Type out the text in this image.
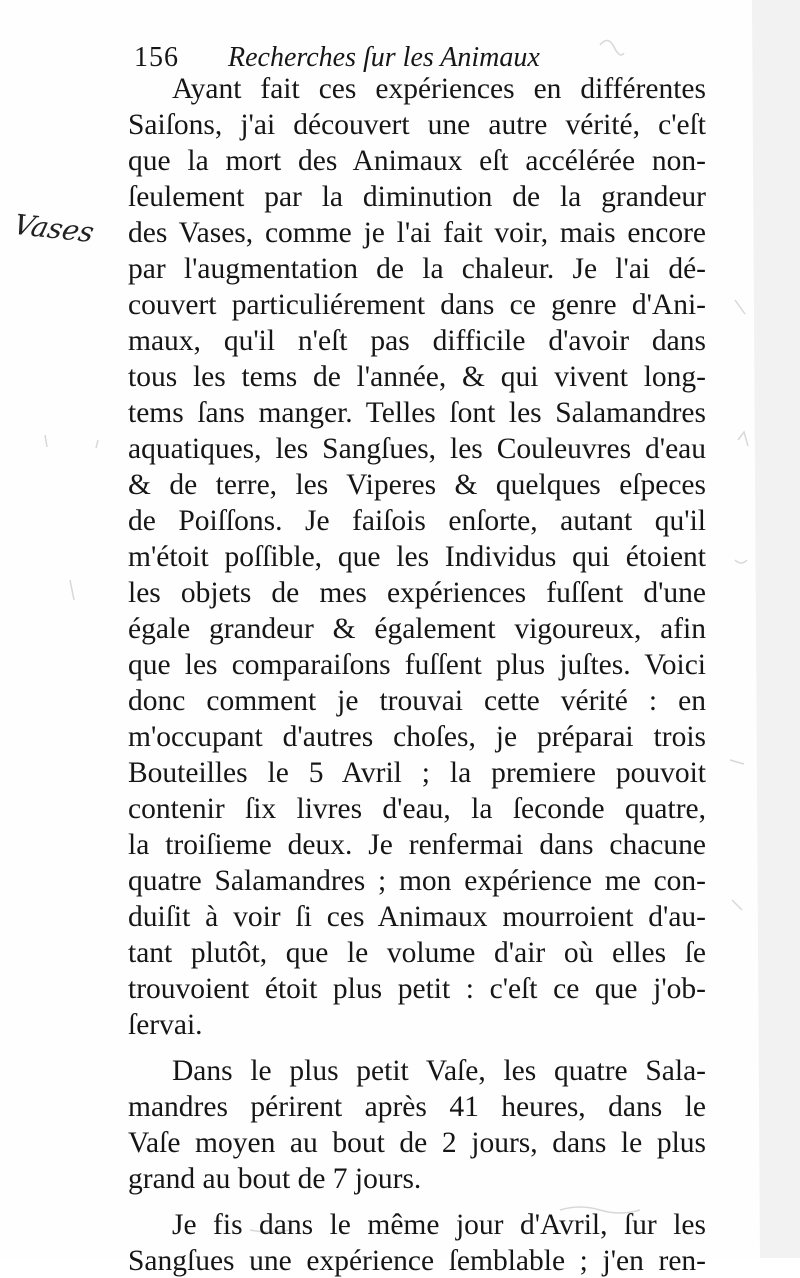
156 Recherches ſur les Animaux
Vases
Ayant fait ces expériences en différentes
Saiſons, j'ai découvert une autre vérité, c'eſt
que la mort des Animaux eſt accélérée non-
ſeulement par la diminution de la grandeur
des Vases, comme je l'ai fait voir, mais encore
par l'augmentation de la chaleur. Je l'ai dé-
couvert particuliérement dans ce genre d'Ani-
maux, qu'il n'eſt pas difficile d'avoir dans
tous les tems de l'année, & qui vivent long-
tems ſans manger. Telles ſont les Salamandres
aquatiques, les Sangſues, les Couleuvres d'eau
& de terre, les Viperes & quelques eſpeces
de Poiſſons. Je faiſois enſorte, autant qu'il
m'étoit poſſible, que les Individus qui étoient
les objets de mes expériences fuſſent d'une
égale grandeur & également vigoureux, afin
que les comparaiſons fuſſent plus juſtes. Voici
donc comment je trouvai cette vérité : en
m'occupant d'autres choſes, je préparai trois
Bouteilles le 5 Avril ; la premiere pouvoit
contenir ſix livres d'eau, la ſeconde quatre,
la troiſieme deux. Je renfermai dans chacune
quatre Salamandres ; mon expérience me con-
duiſit à voir ſi ces Animaux mourroient d'au-
tant plutôt, que le volume d'air où elles ſe
trouvoient étoit plus petit : c'eſt ce que j'ob-
ſervai.
Dans le plus petit Vaſe, les quatre Sala-
mandres périrent après 41 heures, dans le
Vaſe moyen au bout de 2 jours, dans le plus
grand au bout de 7 jours.
Je fis dans le même jour d'Avril, ſur les
Sangſues une expérience ſemblable ; j'en ren-
